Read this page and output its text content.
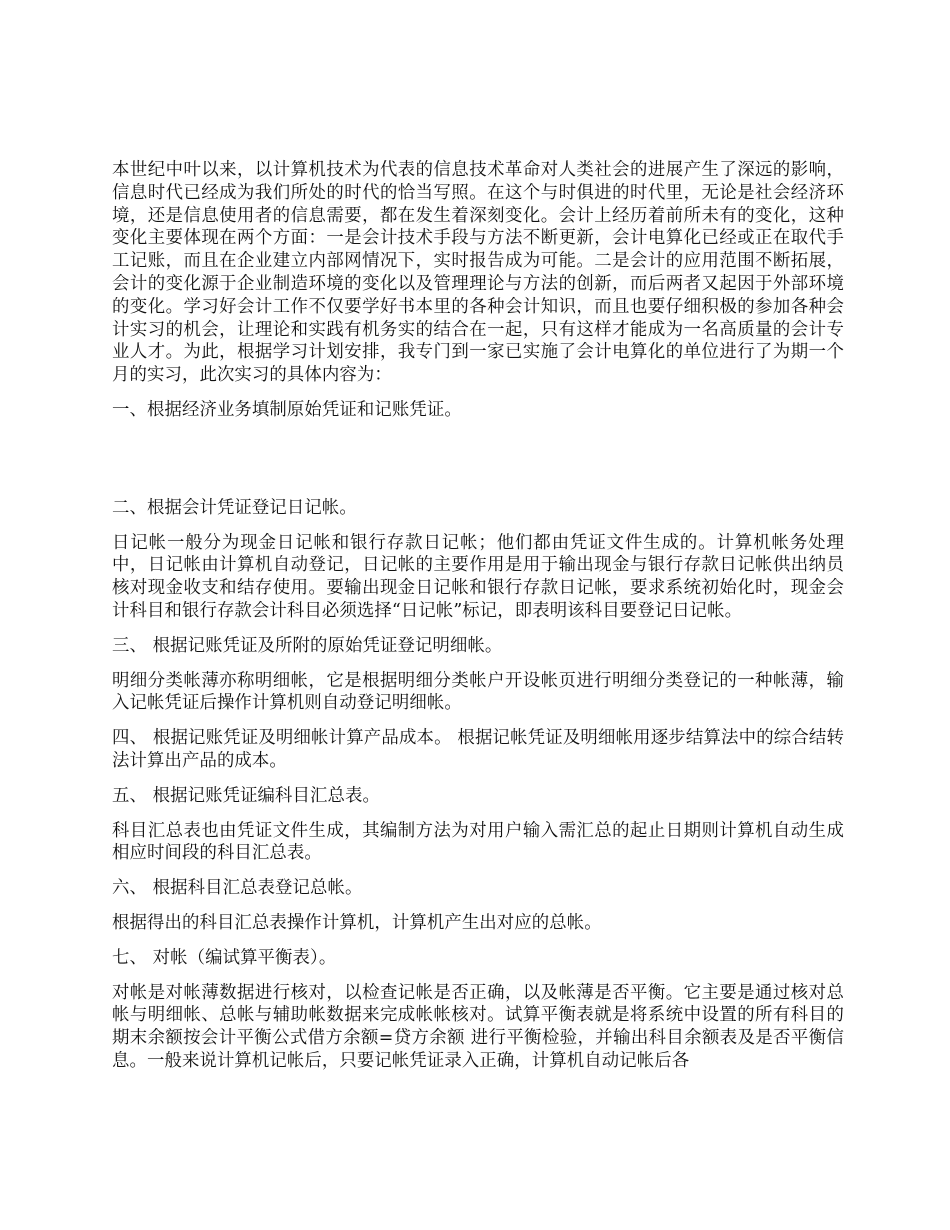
本世纪中叶以来，以计算机技术为代表的信息技术革命对人类社会的进展产生了深远的影响，信息时代已经成为我们所处的时代的恰当写照。在这个与时俱进的时代里，无论是社会经济环境，还是信息使用者的信息需要，都在发生着深刻变化。会计上经历着前所未有的变化，这种变化主要体现在两个方面：一是会计技术手段与方法不断更新，会计电算化已经或正在取代手工记账，而且在企业建立内部网情况下，实时报告成为可能。二是会计的应用范围不断拓展，会计的变化源于企业制造环境的变化以及管理理论与方法的创新，而后两者又起因于外部环境的变化。学习好会计工作不仅要学好书本里的各种会计知识，而且也要仔细积极的参加各种会计实习的机会，让理论和实践有机务实的结合在一起，只有这样才能成为一名高质量的会计专业人才。为此，根据学习计划安排，我专门到一家已实施了会计电算化的单位进行了为期一个月的实习，此次实习的具体内容为：

一、根据经济业务填制原始凭证和记账凭证。

二、根据会计凭证登记日记帐。

日记帐一般分为现金日记帐和银行存款日记帐；他们都由凭证文件生成的。计算机帐务处理中，日记帐由计算机自动登记，日记帐的主要作用是用于输出现金与银行存款日记帐供出纳员核对现金收支和结存使用。要输出现金日记帐和银行存款日记帐，要求系统初始化时，现金会计科目和银行存款会计科目必须选择“日记帐”标记，即表明该科目要登记日记帐。

三、 根据记账凭证及所附的原始凭证登记明细帐。

明细分类帐薄亦称明细帐，它是根据明细分类帐户开设帐页进行明细分类登记的一种帐薄，输入记帐凭证后操作计算机则自动登记明细帐。

四、 根据记账凭证及明细帐计算产品成本。 根据记帐凭证及明细帐用逐步结算法中的综合结转法计算出产品的成本。

五、 根据记账凭证编科目汇总表。

科目汇总表也由凭证文件生成，其编制方法为对用户输入需汇总的起止日期则计算机自动生成相应时间段的科目汇总表。

六、 根据科目汇总表登记总帐。

根据得出的科目汇总表操作计算机，计算机产生出对应的总帐。

七、 对帐（编试算平衡表）。

对帐是对帐薄数据进行核对，以检查记帐是否正确，以及帐薄是否平衡。它主要是通过核对总帐与明细帐、总帐与辅助帐数据来完成帐帐核对。试算平衡表就是将系统中设置的所有科目的期末余额按会计平衡公式借方余额=贷方余额 进行平衡检验，并输出科目余额表及是否平衡信息。一般来说计算机记帐后，只要记帐凭证录入正确，计算机自动记帐后各
